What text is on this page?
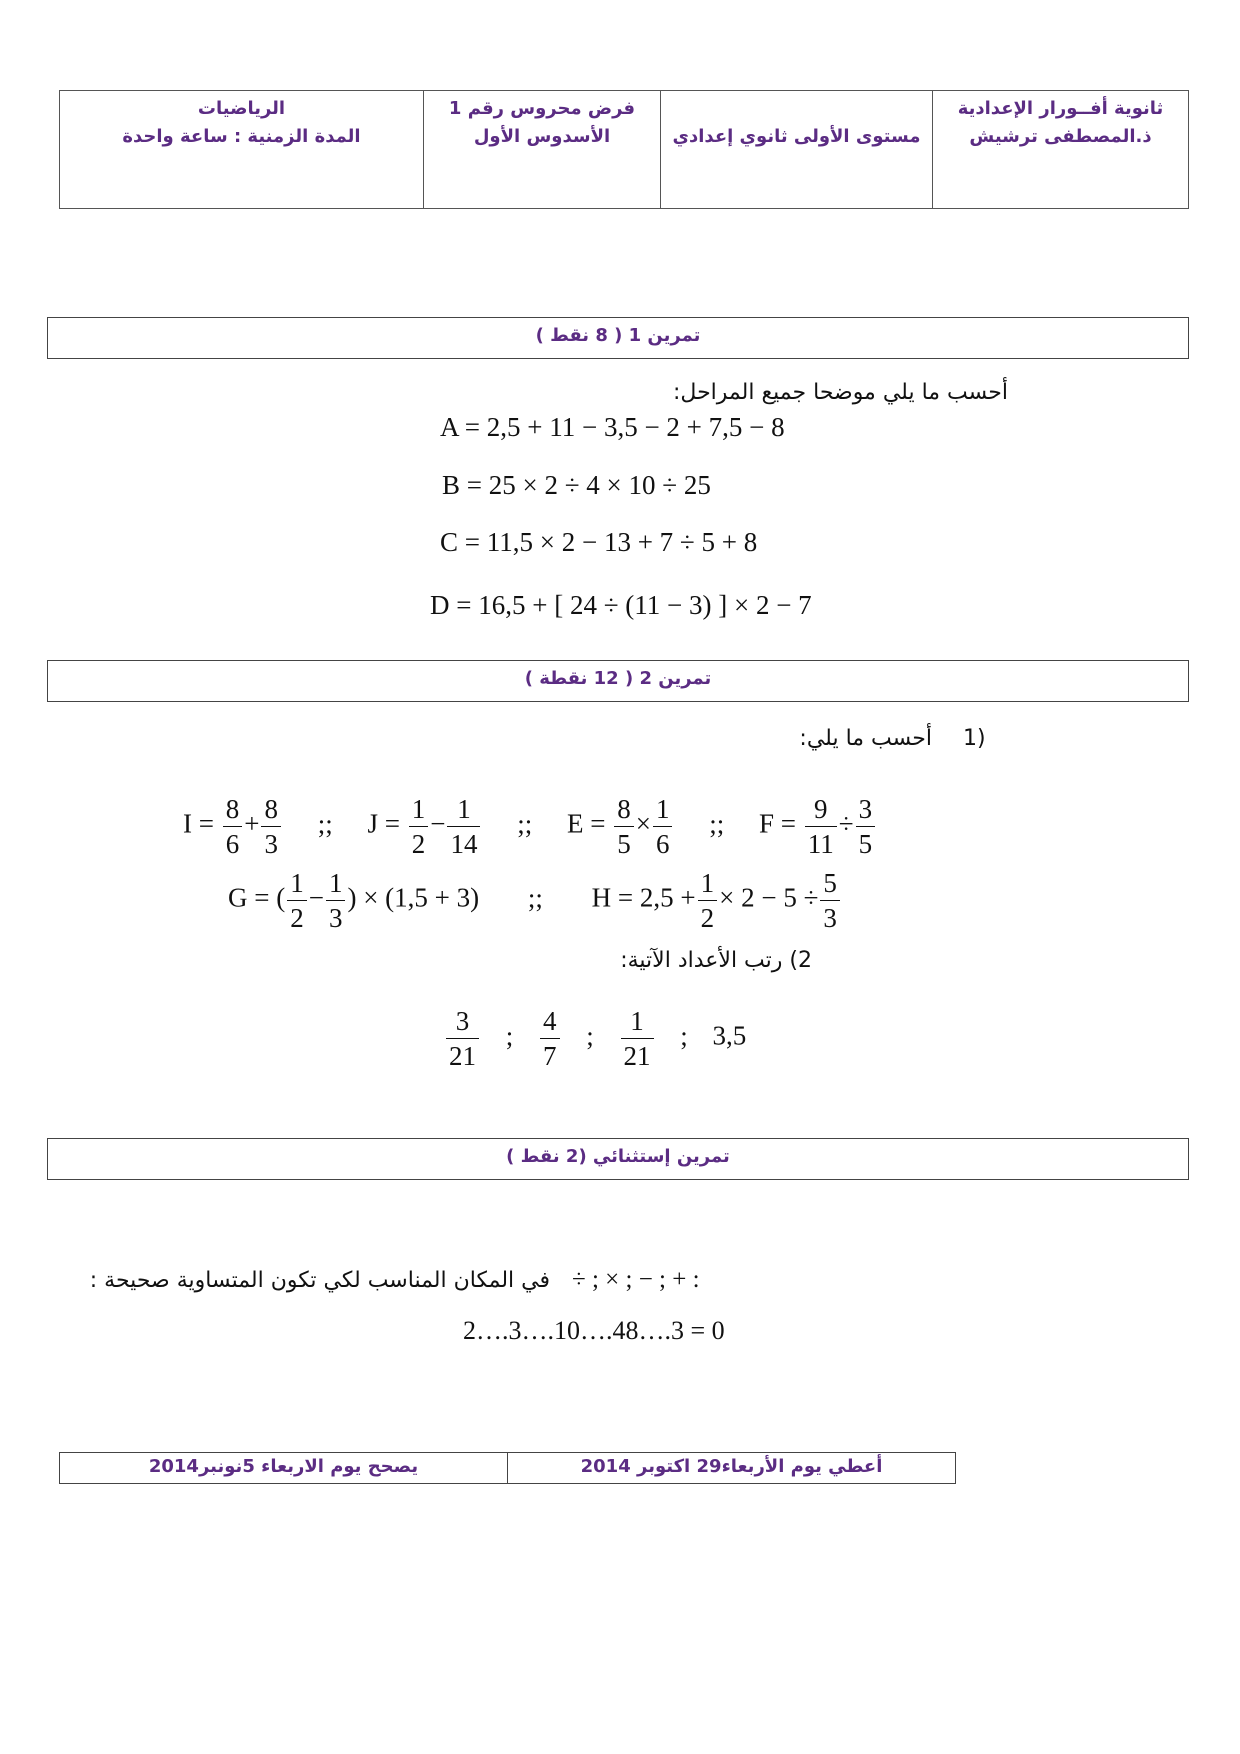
ثانوية أفــورار الإعدادية
ذ.المصطفى ترشيش
مستوى الأولى ثانوي إعدادي
فرض محروس رقم 1
الأسدوس الأول
الرياضيات
المدة الزمنية : ساعة واحدة
تمرين 1 ( 8 نقط )
أحسب ما يلي موضحا جميع المراحل:
A = 2,5 + 11 − 3,5 − 2 + 7,5 − 8
B = 25 × 2 ÷ 4 × 10 ÷ 25
C = 11,5 × 2 − 13 + 7 ÷ 5 + 8
D = 16,5 + [ 24 ÷ (11 − 3) ] × 2 − 7
تمرين 2 ( 12 نقطة )
1)
أحسب ما يلي:
$I = \frac{8}{6} + \frac{8}{3}$ ;; $J = \frac{1}{2} - \frac{1}{14}$ ;; $E = \frac{8}{5} \times \frac{1}{6}$ ;; $F = \frac{9}{11} \div \frac{3}{5}$
G = ( $\frac{1}{2} - \frac{1}{3}$ ) × (1,5 + 3) ;; $H = 2,5 + \frac{1}{2} \times 2 - 5 \div \frac{5}{3}$
2) رتب الأعداد الآتية:
$\frac{3}{21}$ ; $\frac{4}{7}$ ; $\frac{1}{21}$ ; 3,5
تمرين إستثنائي (2 نقط )
في المكان المناسب لكي تكون المتساوية صحيحة : ÷ ; × ; − ; + :
2….3….10….48….3 = 0
أعطي يوم الأربعاء29 اكتوبر 2014
يصحح يوم الاربعاء 5نونبر2014
